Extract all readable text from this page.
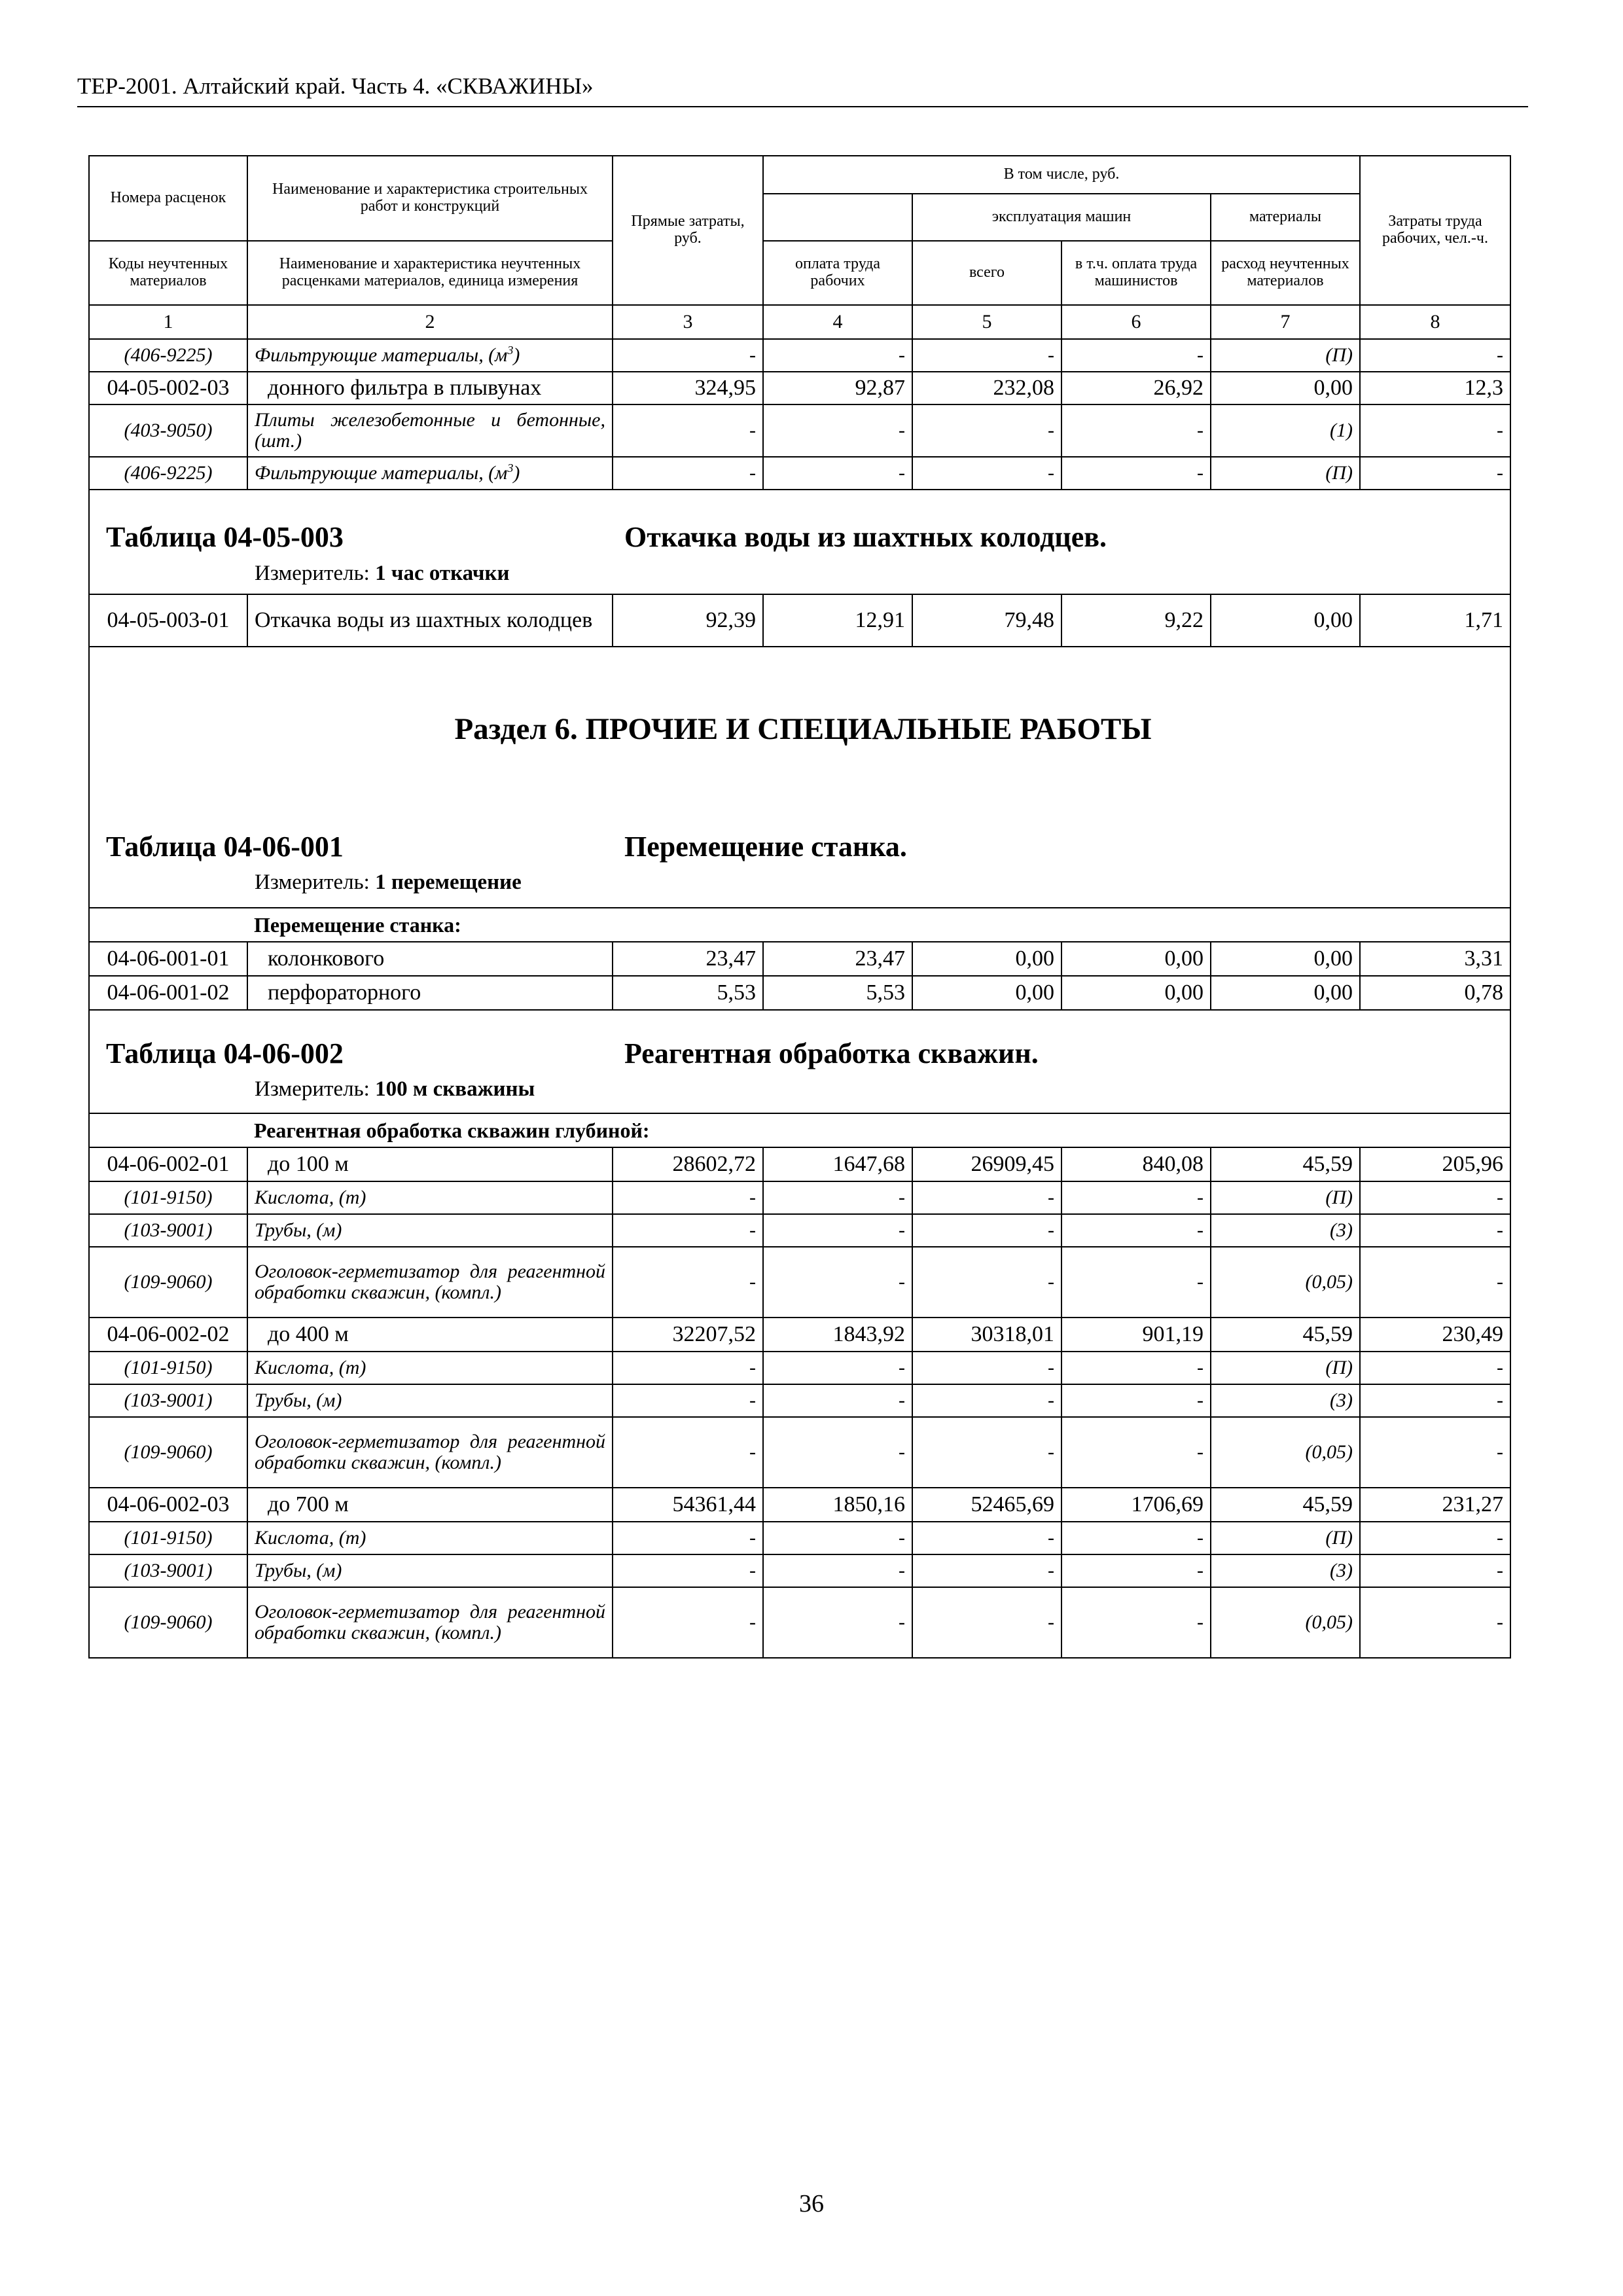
ТЕР-2001. Алтайский край. Часть 4. «СКВАЖИНЫ»
Номера расценок	Наименование и характеристика строительных работ и конструкций	Прямые затраты, руб.	В том числе, руб.				Затраты труда рабочих, чел.-ч.
				эксплуатация машин		материалы	
Коды неучтенных материалов	Наименование и характеристика неучтенных расценками материалов, единица измерения		оплата труда рабочих	всего	в т.ч. оплата труда машинистов	расход неучтенных материалов	
1	2	3	4	5	6	7	8
(406-9225)	Фильтрующие материалы, $(м^3)$	-	-	-	-	(П)	-
04-05-002-03	донного фильтра в плывунах	324,95	92,87	232,08	26,92	0,00	12,3
(403-9050)	Плиты железобетонные и бетонные, (шт.)	-	-	-	-	(1)	-
(406-9225)	Фильтрующие материалы, $(м^3)$	-	-	-	-	(П)	-

Таблица 04-05-003 Откачка воды из шахтных колодцев.
Измеритель: 1 час откачки							

04-05-003-01	Откачка воды из шахтных колодцев	92,39	12,91	79,48	9,22	0,00	1,71

Раздел 6. ПРОЧИЕ И СПЕЦИАЛЬНЫЕ РАБОТЫ
Таблица 04-06-001 Перемещение станка.
Измеритель: 1 перемещение							

	Перемещение станка:						
04-06-001-01	колонкового	23,47	23,47	0,00	0,00	0,00	3,31
04-06-001-02	перфораторного	5,53	5,53	0,00	0,00	0,00	0,78

Таблица 04-06-002 Реагентная обработка скважин.
Измеритель: 100 м скважины							

	Реагентная обработка скважин глубиной:						
04-06-002-01	до 100 м	28602,72	1647,68	26909,45	840,08	45,59	205,96
(101-9150)	Кислота, (т)	-	-	-	-	(П)	-
(103-9001)	Трубы, (м)	-	-	-	-	(3)	-
(109-9060)	Оголовок-герметизатор для реагентной обработки скважин, (компл.)	-	-	-	-	(0,05)	-
04-06-002-02	до 400 м	32207,52	1843,92	30318,01	901,19	45,59	230,49
(101-9150)	Кислота, (т)	-	-	-	-	(П)	-
(103-9001)	Трубы, (м)	-	-	-	-	(3)	-
(109-9060)	Оголовок-герметизатор для реагентной обработки скважин, (компл.)	-	-	-	-	(0,05)	-
04-06-002-03	до 700 м	54361,44	1850,16	52465,69	1706,69	45,59	231,27
(101-9150)	Кислота, (т)	-	-	-	-	(П)	-
(103-9001)	Трубы, (м)	-	-	-	-	(3)	-
(109-9060)	Оголовок-герметизатор для реагентной обработки скважин, (компл.)	-	-	-	-	(0,05)	-
36
